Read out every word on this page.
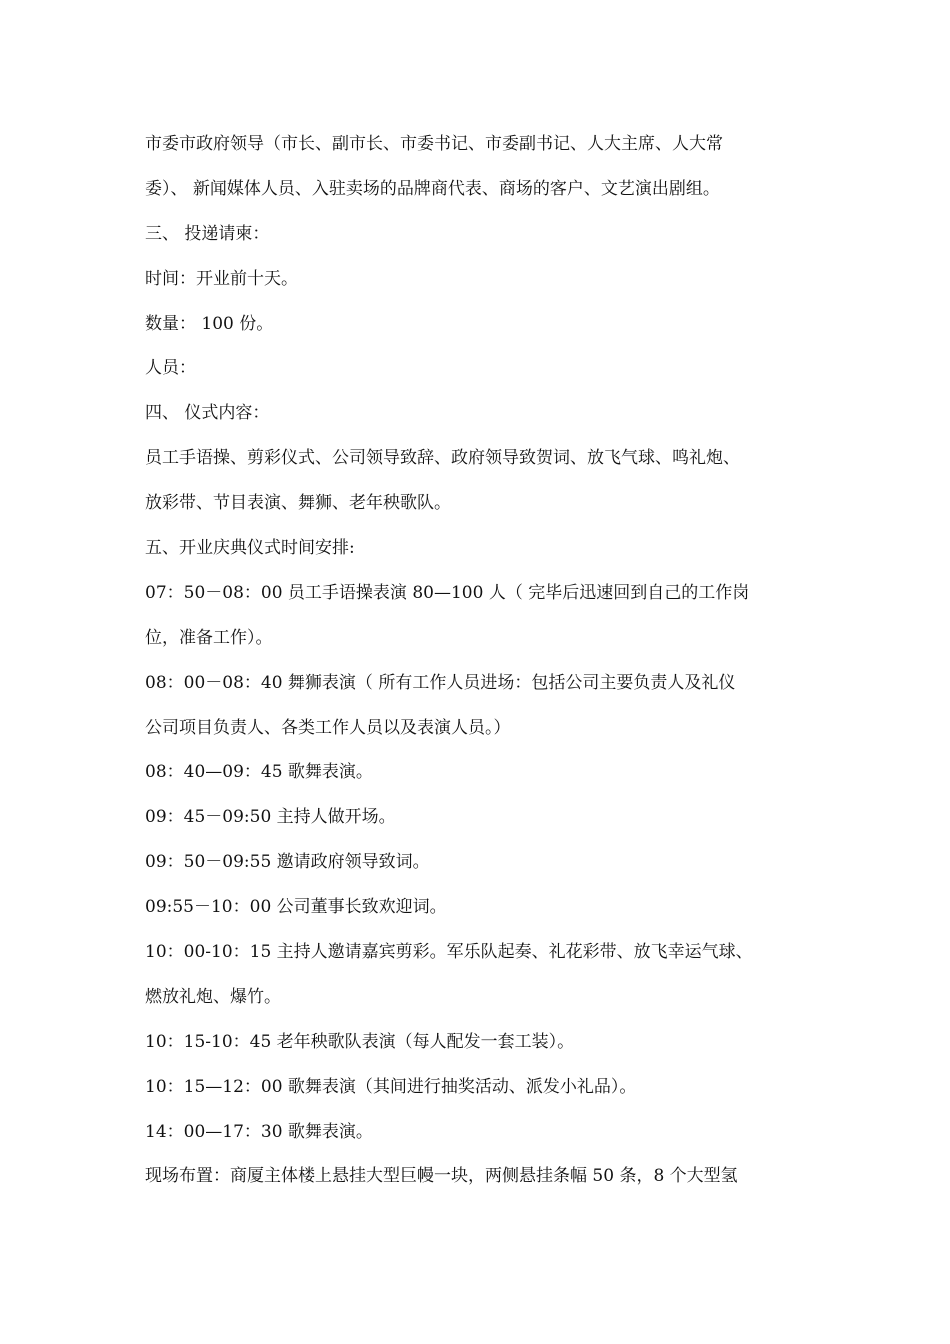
市委市政府领导（市长、副市长、市委书记、市委副书记、人大主席、人大常
委）、 新闻媒体人员、入驻卖场的品牌商代表、商场的客户、文艺演出剧组。
三、 投递请柬：
时间：开业前十天。
数量： 100 份。
人员：
四、 仪式内容：
员工手语操、剪彩仪式、公司领导致辞、政府领导致贺词、放飞气球、鸣礼炮、
放彩带、节目表演、舞狮、老年秧歌队。
五、开业庆典仪式时间安排:
07：50－08：00 员工手语操表演 80—100 人（ 完毕后迅速回到自己的工作岗
位，准备工作）。
08：00－08：40 舞狮表演（ 所有工作人员进场：包括公司主要负责人及礼仪
公司项目负责人、各类工作人员以及表演人员。）
08：40—09：45 歌舞表演。
09：45－09:50 主持人做开场。
09：50－09:55 邀请政府领导致词。
09:55－10：00 公司董事长致欢迎词。
10：00-10：15 主持人邀请嘉宾剪彩。军乐队起奏、礼花彩带、放飞幸运气球、
燃放礼炮、爆竹。
10：15-10：45 老年秧歌队表演（每人配发一套工装）。
10：15—12：00 歌舞表演（其间进行抽奖活动、派发小礼品）。
14：00—17：30 歌舞表演。
现场布置：商厦主体楼上悬挂大型巨幔一块，两侧悬挂条幅 50 条，8 个大型氢
